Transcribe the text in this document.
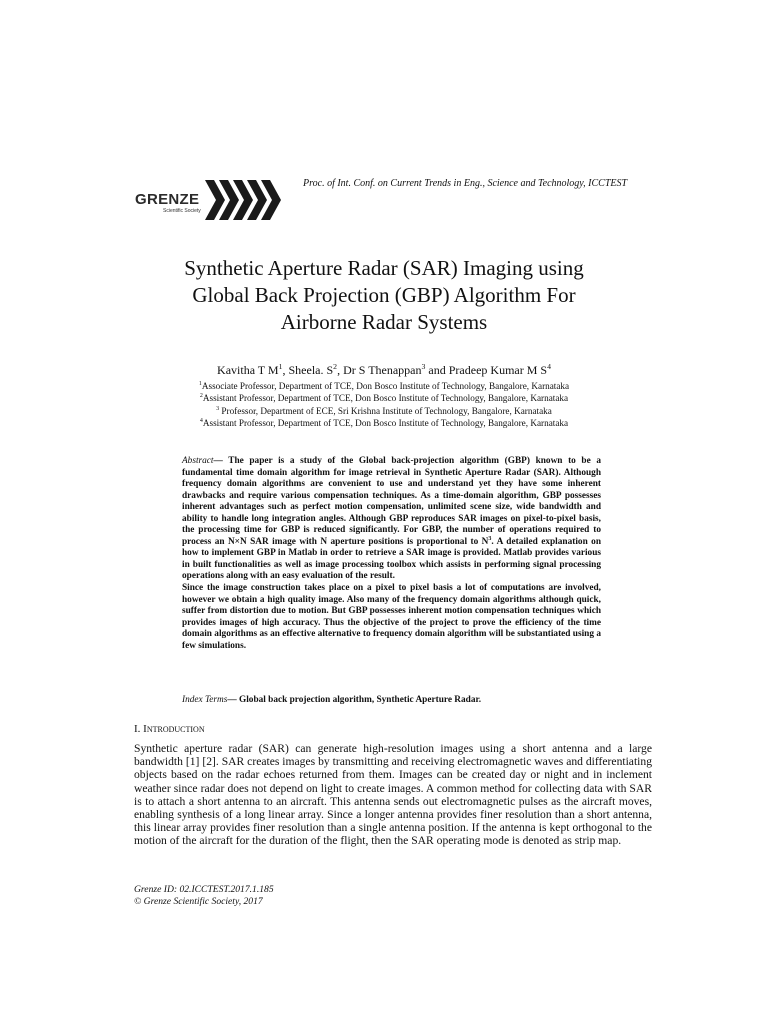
GRENZE
Scientific Society
Proc. of Int. Conf. on Current Trends in Eng., Science and Technology, ICCTEST
Synthetic Aperture Radar (SAR) Imaging using
Global Back Projection (GBP) Algorithm For
Airborne Radar Systems
Kavitha T $M^1$, Sheela. $S^2$, Dr S Thenappan$^3$ and Pradeep Kumar M $S^4$
$^1$Associate Professor, Department of TCE, Don Bosco Institute of Technology, Bangalore, Karnataka
$^2$Assistant Professor, Department of TCE, Don Bosco Institute of Technology, Bangalore, Karnataka
$^3$ Professor, Department of ECE, Sri Krishna Institute of Technology, Bangalore, Karnataka
$^4$Assistant Professor, Department of TCE, Don Bosco Institute of Technology, Bangalore, Karnataka

Abstract— The paper is a study of the Global back-projection algorithm (GBP) known to be a fundamental time domain algorithm for image retrieval in Synthetic Aperture Radar (SAR). Although frequency domain algorithms are convenient to use and understand yet they have some inherent drawbacks and require various compensation techniques. As a time-domain algorithm, GBP possesses inherent advantages such as perfect motion compensation, unlimited scene size, wide bandwidth and ability to handle long integration angles. Although GBP reproduces SAR images on pixel-to-pixel basis, the processing time for GBP is reduced significantly. For GBP, the number of operations required to process an N×N SAR image with N aperture positions is proportional to $N^3$. A detailed explanation on how to implement GBP in Matlab in order to retrieve a SAR image is provided. Matlab provides various in built functionalities as well as image processing toolbox which assists in performing signal processing operations along with an easy evaluation of the result.

Since the image construction takes place on a pixel to pixel basis a lot of computations are involved, however we obtain a high quality image. Also many of the frequency domain algorithms although quick, suffer from distortion due to motion. But GBP possesses inherent motion compensation techniques which provides images of high accuracy. Thus the objective of the project to prove the efficiency of the time domain algorithms as an effective alternative to frequency domain algorithm will be substantiated using a few simulations.

Index Terms— Global back projection algorithm, Synthetic Aperture Radar.
I. Introduction

Synthetic aperture radar (SAR) can generate high-resolution images using a short antenna and a large bandwidth [1] [2]. SAR creates images by transmitting and receiving electromagnetic waves and differentiating objects based on the radar echoes returned from them. Images can be created day or night and in inclement weather since radar does not depend on light to create images. A common method for collecting data with SAR is to attach a short antenna to an aircraft. This antenna sends out electromagnetic pulses as the aircraft moves, enabling synthesis of a long linear array. Since a longer antenna provides finer resolution than a short antenna, this linear array provides finer resolution than a single antenna position. If the antenna is kept orthogonal to the motion of the aircraft for the duration of the flight, then the SAR operating mode is denoted as strip map.

Grenze ID: 02.ICCTEST.2017.1.185
© Grenze Scientific Society, 2017
